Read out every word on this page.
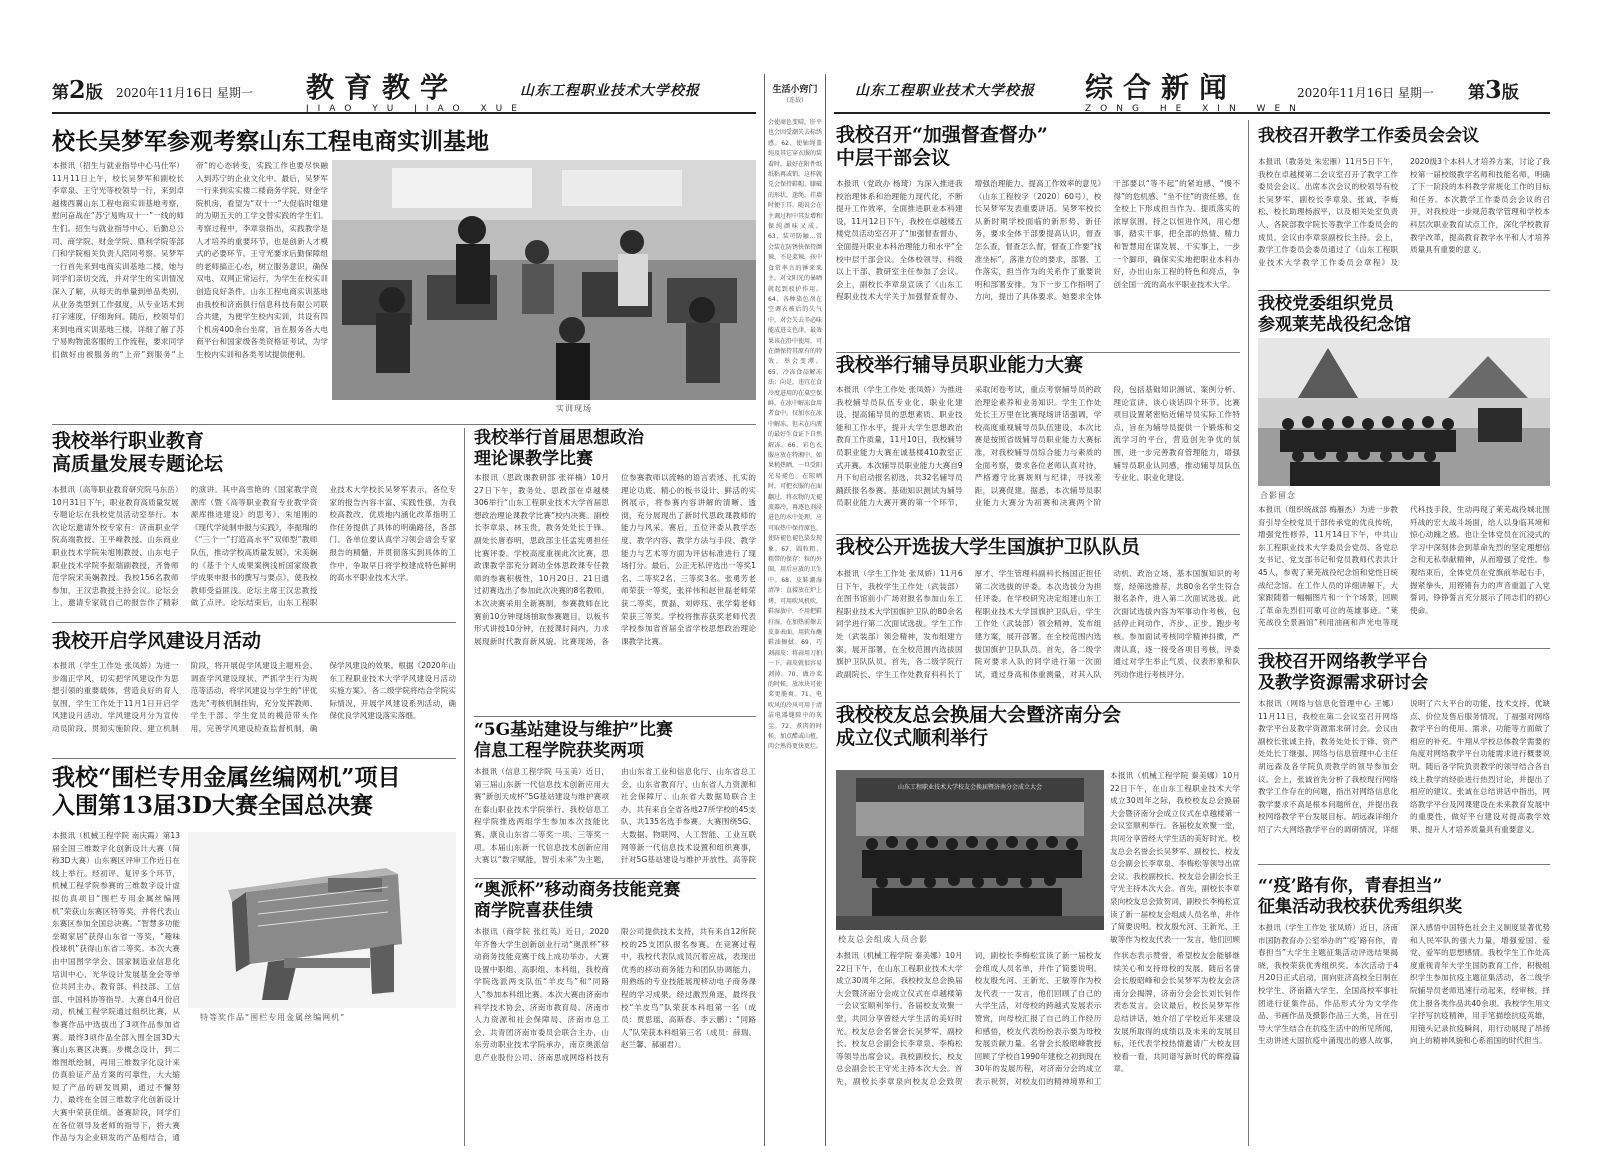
第2版 2020年11月16日 星期一 教育教学
JIAO YU JIAO XUE
山东工程职业技术大学校报	山东工程职业技术大学校报 综合新闻
ZONG HE XIN WEN
2020年11月16日 星期一 第3版
生活小窍门
(连载)
会使商色变晴，肝平也会因受潮失去标绣感。62、使轴绳盖纯及其它穿衣服的装着时，最好在附件纸纸粘再或销，这样就兑会保持鞋帽、膝破的形状，迷绳，挂墙时便于耳。随说会在主调过程中其发增和保纯颜味又成。63、装可防触…常会装在防锈快保持颜辣，不是菜辣，孩中食常率言的锤来来主。对文阳光的暴晒就起到驳护作用。64、各种染色剂在空调衣被后的失气中，对会失去辛必味能成进支色津，最效果该在沿中使用，可在颜保持其原有的特效，举会变潭。65、冷冻食品解冻法：向是，违宜在食冷度进用的在桌空保鲜，在冰中解冻食用者食中，仅加水在冰中解冻，但未在内液的最好生食证下自然解冻。66、彩色衣服应放在特湘中，如果稍热晒，一旦受阳光易褪色。在晾晒时，可把衣服的在面翻过，将衣物的无褪流器冷，再逐色剂浸进色的水中处理，应可取热中保持原色，使防褪色褪色染发现象。67、圆粒粗、粗带的保存：粒的外圈，用后应放的卫生中。68、皮鞋潮湿清净：直接放在炉上烤，可用吹风机吹，鞋湿放中，不用把鞋打湿，在加热前擦去皮革表面，用软布蘸鞋油擦拭。69、巧剥蒜皮：将蒜用刀拍一下，蒜皮就很容易剥掉。70、做冷菜的时候，放冰块可使菜更脆爽。71、电吹风的冷风可用于清洁电器缝隙中的灰尘。72、煮肉的时候，加点醋或山楂，肉会熟得更快更烂。
校长吴梦军参观考察山东工程电商实训基地
本报讯（招生与就业指导中心马仕军）11月11日上午，校长吴梦军和副校长李章泉、王守光等校领导一行，来到卓越楼西翼山东工程电商实训基地考察，慰问奋战在“苏宁易购双十一”一线的师生们。招生与就业指导中心、后勤总公司、商学院、财金学院、鼎利学院等部门和学院相关负责人陪同考察。吴梦军一行首先来到电商实训基地二楼，她与同学们亲切交流，并对学生的实训情况深入了解，从每天的单量到单品类别，从业务类型到工作强度，从专业话术到打字速度，仔细询问。随后，校领导们来到电商实训基地三楼，详细了解了苏宁易购物流客服的工作流程，要求同学们做好由被服务的“上帝”到服务“上帝”的心态转变，实践工作也要尽快融入到苏宁的企业文化中。最后，吴梦军一行来到实实楼二楼商务学院、财金学院机房，看望为“双十一”大促临时组建的为期五天的工学交替实践的学生们。考察过程中，李章泉指出，实践教学是人才培养的重要环节，也是创新人才模式的必要环节。王守光要求后勤保障组的老师搞正心态，树立服务意识，确保双电、双网正常运行，为学生在校实训创造良好条件。山东工程电商实训基地由我校和济南俱行信息科技有限公司联合共建，为便学生校内实训，共设有四个机房400余台坐席，旨在服务各大电商平台和国家级各类资格证考试，为学生校内实训和各类考试提供便利。
实训现场
我校举行职业教育
高质量发展专题论坛
本报讯（高等职业教育研究院马东岳）10月31日下午，职业教育高质量发展专题论坛在我校党员活动室举行。本次论坛邀请外校专家有：济南职业学院高端教授、王平峰教授、山东商业职业技术学院朱旭刚教授、山东电子职业技术学院李振瑞副教授，齐鲁师范学院宋美娴教授。我校156名教师参加，王汉忠教授主持会议。论坛会上，邀请专家就自己的报告作了精彩的演讲。其中高雪艳的《国家教学资源库（暨《高等职业教育专业教学资源库推进建设》的思考》、朱旭刚的《现代学徒制申报与实践》，李振瑞的《“三个一”打造高水平“双师型”教师队伍，推动学校高质量发展》，宋美娴的《基于个人成果案例浅析国家级教学成果申报书的撰写与要点》，使我校教师受益匪浅。论坛主席王汉忠教授做了点评。论坛结束后，山东工程职业技术大学校长吴梦军表示，各位专家的报告内容丰富、实践性强，为我校高教改、优质地内涵化改革指明工作任务提供了具体的明确路径，各部门、各单位要认真学习领会谙会专家报告的精髓，并贯彻落实到具体的工作中，争取早日将学校建成特色鲜明的高水平职业技术大学。
我校举行首届思想政治
理论课教学比赛
本报讯（思政课教研部 张祥楠）10月27日下午，教务处、思政部在卓越楼306举行“山东工程职业技术大学首届思想政治理论课教学比赛”校内决赛。副校长李章泉、林玉贵，教务处处长于锋、副处长唐春明，思政部主任孟宪勇担任比赛评委。学校高度重视此次比赛，思政课教学部充分调动全体思政课专任教师的参赛积极性，10月20日、21日通过初赛选出了参加此次决赛的8名教师。本次决赛采用全新赛制，参赛教师在比赛前10分钟现场抽取参赛题目，以板书形式讲授10分钟，在授课时间内，力求展现新时代教育新风貌。比赛现场，各位参赛教师以流畅的语言表述、扎实的理论功底、精心的板书设计、鲜活的实例展示，将参赛内容讲解的清晰、透彻，充分展现出了新时代思政课教师的能力与风采。赛后，五位评委从教学态度、教学内容、教学方法与手段、教学能力与艺术等方面为评估标准进行了现场打分。最后，公正无私评选出一等奖1名、二等奖2名、三等奖3名。张勇芳老师荣获一等奖，张祥伟和赵世磊老师荣获二等奖，贾磊、刘婷珏、张学菊老师荣获三等奖。学校将推荐获奖老师代表学校参加省首届全省学校思想政治理论课教学比赛。
我校开启学风建设月活动
本报讯（学生工作处 张凤娇）为进一步端正学风，切实把学风建设作为思想引领的重要载体，营造良好的育人氛围，学生工作处于11月1日开启学风建设月活动。学风建设月分为宣传动员阶段、贯彻实施阶段、建立机制阶段，将开展促学风建设主题班会、调查学风建设现状、严抓学生行为规范等活动，将学风建设与学生的“评优选先”考核机制挂钩，充分发挥教师、学生干部、学生党员的模范带头作用，完善学风建设检查监督机制，确保学风建设的效果。根据《2020年山东工程职业技术大学学风建设月活动实施方案》，各二级学院将结合学院实际情况，开展学风建设系列活动，确保优良学风建设落实落细。
“5G基站建设与维护”比赛
信息工程学院获奖两项
本报讯（信息工程学院 马玉美）近日，第三届山东新一代信息技术创新应用大赛“新创天成杯”5G基站建设与维护赛项在泰山职业技术学院举行。我校信息工程学院推选两组学生参加本次技能比赛，康良山东省二等奖一项、三等奖一项。本届山东新一代信息技术创新应用大赛以“数字赋能，智引未来”为主题，由山东省工业和信息化厅、山东省总工会、山东省教育厅、山东省人力资源和社会保障厅、山东省大数据局联合主办，共有来自全省各地27所学校的45支队、共135名选手参赛。大赛围绕5G、大数据、物联网、人工智能、工业互联网等新一代信息技术设置和组织赛事，针对5G基站建设与维护开放性、高等院
我校“围栏专用金属丝编网机”项目
入围第13届3D大赛全国总决赛
本报讯（机械工程学院 南庆霞）第13届全国三维数字化创新设计大赛（简称3D大赛）山东赛区评审工作近日在线上举行。经初评、复评多个环节，机械工程学院参赛的三维数字设计虚拟仿真项目“围栏专用金属丝编网机”荣获山东赛区特等奖，并将代表山东赛区参加全国总决赛。“智慧多功能垒砌家居”获得山东省一等奖，“趣味投球机”获得山东省二等奖。本次大赛由中国图学学会、国家制造业信息化培训中心、光华设计发展基金会等单位共同主办，教育部、科技部、工信部、中国科协等指导。大赛自4月份启动，机械工程学院通过组织比赛，从参赛作品中选拔出了3项作品参加省赛。最终3项作品全部入围全国3D大赛山东赛区决赛。步概念设计，到二维图纸绘制，再用三维数字化设计来仿真验证产品方案的可靠性，大大缩短了产品的研发周期，通过不懈努力，最终在全国三维数字化创新设计大赛中荣获佳绩。备赛阶段，同学们在各位领导及老师的指导下，将大赛作品与为企业研发的产品相结合，通
特等奖作品“围栏专用金属丝编网机”
“奥派杯”移动商务技能竞赛
商学院喜获佳绩
本报讯（商学院 张红英）近日，2020年齐鲁大学生创新创业行动“奥派杯”移动商务技能竞赛于线上成功举办。大赛设置中职组、高职组、本科组，我校商学院选派两支队伍“羊皮鸟”和“同路人”参加本科组比赛。本次大赛由济南市科学技术协会、济南市教育局、济南市人力资源和社会保障局、济南市总工会、共青团济南市委员会联合主办，山东劳动职业技术学院承办，南京奥派信息产业股份公司、济南思成网络科技有限公司提供技术支持，共有来自12所院校的25支团队报名参赛。在竞赛过程中，我校代表队成员沉着应战，表现出优秀的移动商务能力和团队协调能力，用熟练的专业技能展现移动电子商务课程的学习成果。经过激烈角逐，最终我校“羊皮鸟”队荣获本科组第一名（成员：贾思瑶、高斯春、李云鹏）；“同路人”队荣获本科组第三名（成员：薛瑞、赵兰馨、郝丽君）。
我校召开“加强督查督办”
中层干部会议
本报讯（党政办 杨琦）为深入推进我校治理体系和治理能力现代化，不断提升工作效率，全面推进职业本科建设，11月12日下午，我校在卓越楼五楼党员活动室召开了“加强督查督办，全面提升职业本科治理能力和水平”全校中层干部会议。全体校领导、科级以上干部、教研室主任参加了会议。会上，副校长李章泉宣读了《山东工程职业技术大学关于加强督查督办、增强治理能力、提高工作效率的意见》（山东工程校字〔2020〕60号），校长吴梦军发表重要讲话。吴梦军校长从新时期学校面临的新形势、新任务，要求全体干部要提高认识，督查怎么查，督查怎么督，督查工作要“找准坐标”，落准方位的要求，部署、工作落实，担当作为的关系作了重要说明和部署安排。为下一步工作指明了方向，提出了具体要求。她要求全体干部要以“等不起”的紧迫感、“慢不得”的危机感、“坐不住”的责任感，在全校上下形成担当作为、提质落实的浓厚氛围，持之以恒进作风，用心想事，踏实干事，把全部的热情、精力和智慧用在谋发展、干实事上，一步一个脚印，确保实实地把职业本科办好，办出山东工程的特色和亮点，争创全国一流的高水平职业技术大学。
我校举行辅导员职业能力大赛
本报讯（学生工作处 张凤娇）为推进我校辅导员队伍专业化、职业化建设，提高辅导员的思想素质、职业技能和工作水平，提升大学生思想政治教育工作质量，11月10日，我校辅导员职业能力大赛在诚基楼410教室正式开赛。本次辅导员职业能力大赛自9月下旬启动报名初选，共32名辅导员踊跃报名参赛。基础知识测试为辅导员职业能力大赛开赛的第一个环节，采取闭卷考试，重点考察辅导员的政治理论素养和业务知识。学生工作处处长王万里在比赛现场讲话强调，学校高度重视辅导员队伍建设，本次比赛是按照省级辅导员职业能力大赛标准，对我校辅导员综合能力与素质的全面考察，要求各位老师认真对待，严格遵守比赛规则与纪律，寻找差距，以赛促建。据悉，本次辅导员职业能力大赛分为初赛和决赛两个阶段，包括基础知识测试、案例分析、理论宣讲、谈心谈话四个环节。比赛项目设置紧密贴近辅导员实际工作特点，旨在为辅导员提供一个锻炼和交流学习的平台，营造创先争优的氛围，进一步完善教育管理能力，增强辅导员职业认同感，推动辅导员队伍专业化、职业化建设。
我校公开选拔大学生国旗护卫队队员
本报讯（学生工作处 张凤娇）11月6日下午，我校学生工作处（武装部）在图书馆前小广场对报名参加山东工程职业技术大学国旗护卫队的80余名同学进行第二次面试选拔。学生工作处（武装部）领会精神，发布组建方案，展开部署，在全校范围内选拔国旗护卫队队员。首先，各二级学院行政副院长、学生工作处教育科科长丁厚才、学生管理科副科长杨国正担任第二次选拔的评委。本次选拔分为担任评委。在学校研究决定组建山东工程职业技术大学国旗护卫队后，学生工作处（武装部）领会精神，发布组建方案，展开部署。在全校范围内选拔国旗护卫队队员。首先，各二级学院对要求入队的同学进行第一次面试，通过身高和体重测量，对其入队动机、政治立场、基本国旗知识的考察，经筛选推荐，共80余名学生符合报名条件，进入第二次面试选拔。此次面试选拔内容为军事动作考核，包括停止间动作、齐步、正步、跑步考核。参加面试考核同学精神抖擞，严肃认真，逐一接受各项目考核，评委通过对学生举止气质、仪表形象和队列动作进行考核评分。
我校校友总会换届大会暨济南分会
成立仪式顺利举行
山东工程职业技术大学校友会换届暨济南分会成立大会
校友总会组成人员合影
本报讯（机械工程学院 秦美娜）10月22日下午，在山东工程职业技术大学成立30周年之际，我校校友总会换届大会暨济南分会成立仪式在卓越楼第一会议室顺利举行。各届校友欢聚一堂，共同分享曾经大学生活的美好时光。校友总会名誉会长吴梦军、副校长、校友总会副会长李章泉、李梅松等领导出席会议。我校副校长、校友总会副会长王守光主持本次大会。首先，副校长李章泉向校友总会致贺词，副校长李梅松宣读了新一届校友会组成人员名单，并作了简要说明。校友殷允河、王新光、王敏等作为校友代表一一发言，他们回顾
本报讯（机械工程学院 秦美娜）10月22日下午，在山东工程职业技术大学成立30周年之际，我校校友总会换届大会暨济南分会成立仪式在卓越楼第一会议室顺利举行。各届校友欢聚一堂，共同分享曾经大学生活的美好时光。校友总会名誉会长吴梦军、副校长、校友总会副会长李章泉、李梅松等领导出席会议。我校副校长、校友总会副会长王守光主持本次大会。首先，副校长李章泉向校友总会致贺词，副校长李梅松宣读了新一届校友会组成人员名单，并作了简要说明。校友殷允河、王新光、王敏等作为校友代表一一发言，他们回顾了自己的大学生活，对母校的跨越式发展表示赞赏，向母校汇报了自己的工作经历和感悟，校友代表纷纷表示要为母校发展贡献力量。名誉会长殷昭峰教授回顾了学校自1990年建校之初到现在30年的发展历程，对济南分会的成立表示祝贺，对校友们的精神境界和工作状态表示赞誉，希望校友会能够继续关心和支持母校的发展。随后名誉会长殷昭峰和会长吴梦军为校友会济南分会揭牌，济南分会会长刘长钊作表态发言。会议最后，校长吴梦军作总结讲话，她介绍了学校近年来建设发展所取得的成绩以及未来的发展目标，还代表学校热情邀请广大校友回校看一看，共同谱写新时代的辉煌篇章。
我校召开教学工作委员会会议
本报讯（教务处 朱宏雁）11月5日下午，我校在卓越楼第二会议室召开了教学工作委员会会议。出席本次会议的校领导有校长吴梦军、副校长李章泉、张诚、李梅松、校长助理杨淑平，以及相关处室负责人、各院部教学院长等教学工作委员会的成员。会议由李章泉副校长主持。会上，教学工作委员会委员通过了《山东工程职业技术大学教学工作委员会章程》及2020级3个本科人才培养方案，讨论了我校第一届校级教学名师和技能名师，明确了下一阶段的本科教学常规化工作的目标和任务。本次教学工作委员会会议的召开，对我校进一步规范教学管理和学校本科层次职业教育试点工作，深化学校教育教学改革，提高教育教学水平和人才培养质量具有重要的意义。
我校党委组织党员
参观莱芜战役纪念馆
合影留念
本报讯（组织统战部 梅雁杰）为进一步教育引导全校党员干部传承党的优良传统，增强党性修养，11月14日下午，中共山东工程职业技术大学委员会党员、各党总支书记、党支部书记和党员教师代表共计45人，参观了莱芜战役纪念馆和党性日统战纪念馆。在工作人员的详细讲解下，大家跟随着一幅幅图片和一个个场景，回顾了革命先烈们可歌可泣的英雄事迹。“莱芜战役全景画馆”利用油画和声光电等现代科技手段，生动再现了莱芜战役城北围歼战的宏大战斗场面，给人以身临其境和惊心动魄之感。也让全体党员在沉浸式的学习中深刻体会到革命先烈的坚定理想信念和无私奉献精神，从而增强了党性。参观结束后，全体党员在党旗前举起右手，握紧拳头，用铿锵有力的声音重温了入党誓词，铮铮誓言充分展示了同志们的初心使命。
我校召开网络教学平台
及教学资源需求研讨会
本报讯（网络与信息化管理中心 王娜）11月11日，我校在第二会议室召开网络教学平台及教学资源需求研讨会。会议由副校长张诚主持，教务处处长于锋、资产处处长丁继强、网络与信息管理中心主任胡远森及各学院负责教学的领导参加会议。会上，张诚首先分析了我校现行网络教学工作存在的问题，指出对网络信息化教学要求不高是根本问题所在，并提出我校网络教学平台发展目标。胡远森详细介绍了六大网络教学平台的调研情况，详细说明了六大平台的功能、技术支持、优缺点、价位及售后服务情况。丁福强对网络教学平台的使用、需求、功能等方面做了相应的补充。牛翔从学校总体教学需要的角度对网络教学平台功能需求进行概要说明。随后各学院负责教学的领导结合各自线上教学的经验进行热烈讨论，并提出了相应的建议。张诚在总结讲话中指出，网络教学平台及网课建设在未来教育发展中的重要性，做好平台建设对提高教学效果、提升人才培养质量具有重要意义。
“‘疫’路有你，青春担当”
征集活动我校获优秀组织奖
本报讯（学生工作处 张凤娇）近日，济南市国防教育办公室举办的“‘疫’路有你，青春担当”大学生主题征集活动评选结果揭晓，我校荣获优秀组织奖。本次活动于4月20日正式启动，面向驻济高校全日制在校学生、济南籍大学生、全国高校军事社团进行征集作品，作品形式分为文学作品、书画作品及摄影作品三大类，旨在引导大学生结合在抗疫生活中的所见所闻，生动讲述大国抗疫中涌现出的感人故事，深入感悟中国特色社会主义制度显著优势和人民军队的强大力量，增强爱国、爱党、爱军的思想感情。我校学生工作处高度重视青年大学生国防教育工作，积极组织学生参加抗疫主题征集活动，各二级学院辅导员老师迅速行动起来，经审核，择优上报各类作品共40余项。我校学生用文字抒写抗疫精神，用手笔描绘抗疫英雄，用镜头记录抗疫瞬间，用行动展现了昂扬向上的精神风貌和心系祖国的时代担当。
